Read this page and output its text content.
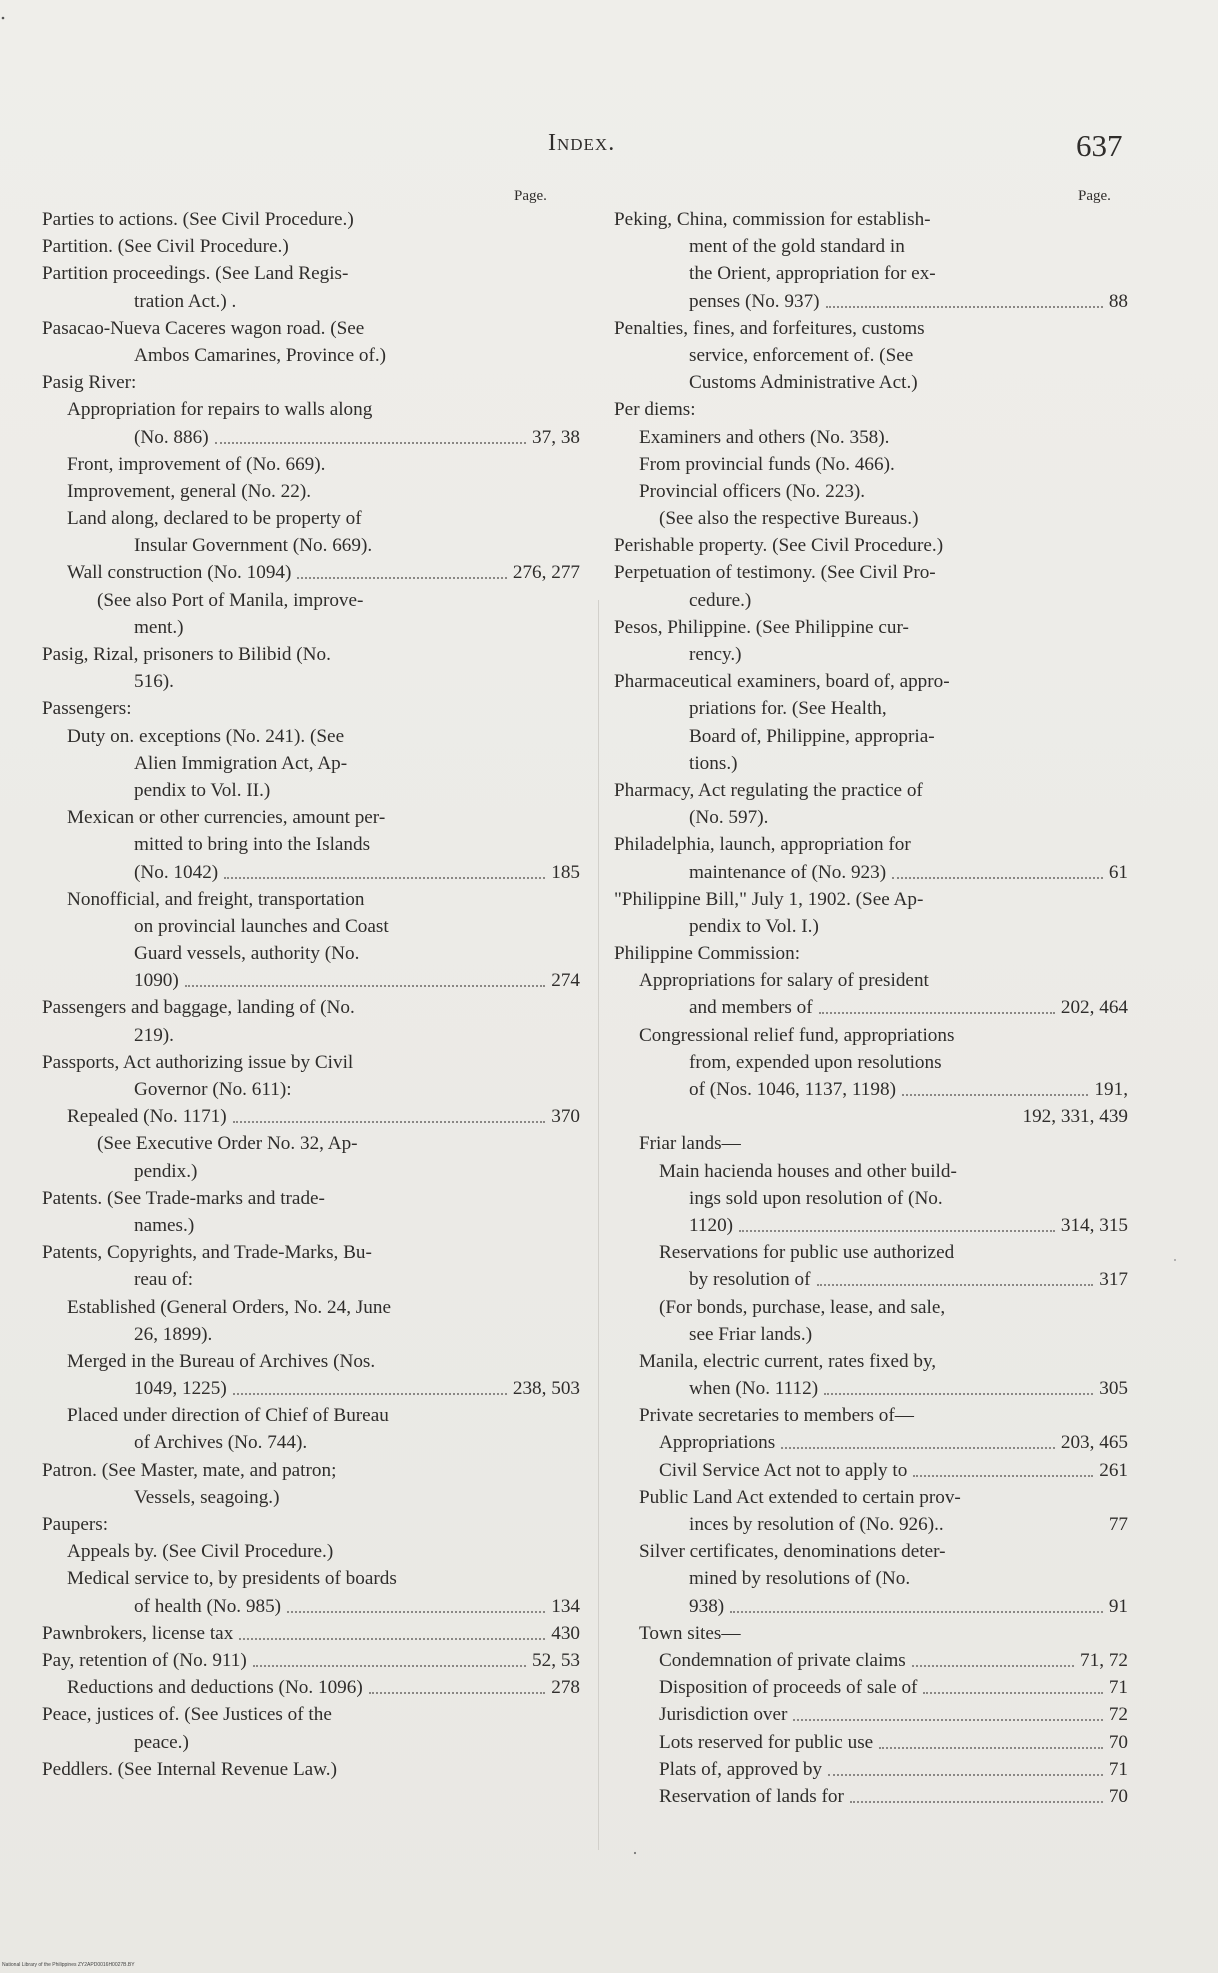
Index.	637
Page.	Page.
Parties to actions. (See Civil Procedure.)
Partition. (See Civil Procedure.)
Partition proceedings. (See Land Regis-
tration Act.) .
Pasacao-Nueva Caceres wagon road. (See
Ambos Camarines, Province of.)
Pasig River:
Appropriation for repairs to walls along
(No. 886)	37, 38
Front, improvement of (No. 669).
Improvement, general (No. 22).
Land along, declared to be property of
Insular Government (No. 669).
Wall construction (No. 1094)	276, 277
(See also Port of Manila, improve-
ment.)
Pasig, Rizal, prisoners to Bilibid (No.
516).
Passengers:
Duty on. exceptions (No. 241). (See
Alien Immigration Act, Ap-
pendix to Vol. II.)
Mexican or other currencies, amount per-
mitted to bring into the Islands
(No. 1042)	185
Nonofficial, and freight, transportation
on provincial launches and Coast
Guard vessels, authority (No.
1090)	274
Passengers and baggage, landing of (No.
219).
Passports, Act authorizing issue by Civil
Governor (No. 611):
Repealed (No. 1171)	370
(See Executive Order No. 32, Ap-
pendix.)
Patents. (See Trade-marks and trade-
names.)
Patents, Copyrights, and Trade-Marks, Bu-
reau of:
Established (General Orders, No. 24, June
26, 1899).
Merged in the Bureau of Archives (Nos.
1049, 1225)	238, 503
Placed under direction of Chief of Bureau
of Archives (No. 744).
Patron. (See Master, mate, and patron;
Vessels, seagoing.)
Paupers:
Appeals by. (See Civil Procedure.)
Medical service to, by presidents of boards
of health (No. 985)	134
Pawnbrokers, license tax	430
Pay, retention of (No. 911)	52, 53
Reductions and deductions (No. 1096)	278
Peace, justices of. (See Justices of the
peace.)
Peddlers. (See Internal Revenue Law.)
Peking, China, commission for establish-
ment of the gold standard in
the Orient, appropriation for ex-
penses (No. 937)	88
Penalties, fines, and forfeitures, customs
service, enforcement of. (See
Customs Administrative Act.)
Per diems:
Examiners and others (No. 358).
From provincial funds (No. 466).
Provincial officers (No. 223).
(See also the respective Bureaus.)
Perishable property. (See Civil Procedure.)
Perpetuation of testimony. (See Civil Pro-
cedure.)
Pesos, Philippine. (See Philippine cur-
rency.)
Pharmaceutical examiners, board of, appro-
priations for. (See Health,
Board of, Philippine, appropria-
tions.)
Pharmacy, Act regulating the practice of
(No. 597).
Philadelphia, launch, appropriation for
maintenance of (No. 923)	61
"Philippine Bill," July 1, 1902. (See Ap-
pendix to Vol. I.)
Philippine Commission:
Appropriations for salary of president
and members of	202, 464
Congressional relief fund, appropriations
from, expended upon resolutions
of (Nos. 1046, 1137, 1198)	191,
192, 331, 439
Friar lands—
Main hacienda houses and other build-
ings sold upon resolution of (No.
1120)	314, 315
Reservations for public use authorized
by resolution of	317
(For bonds, purchase, lease, and sale,
see Friar lands.)
Manila, electric current, rates fixed by,
when (No. 1112)	305
Private secretaries to members of—
Appropriations	203, 465
Civil Service Act not to apply to	261
Public Land Act extended to certain prov-
inces by resolution of (No. 926)..	77
Silver certificates, denominations deter-
mined by resolutions of (No.
938)	91
Town sites—
Condemnation of private claims	71, 72
Disposition of proceeds of sale of	71
Jurisdiction over	72
Lots reserved for public use	70
Plats of, approved by	71
Reservation of lands for	70
National Library of the Philippines ZY2APD0016H0027B.BY
